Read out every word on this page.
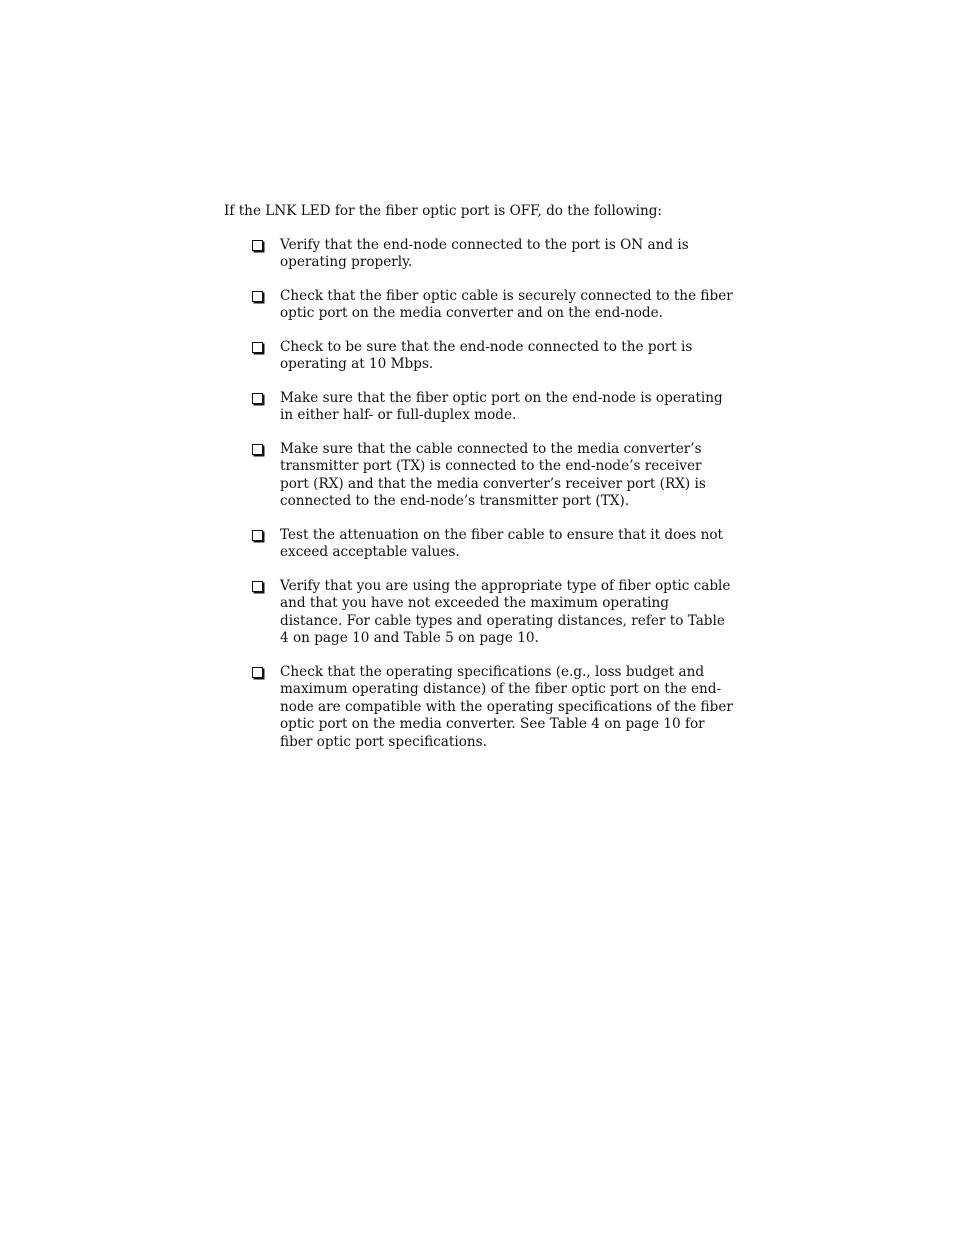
If the LNK LED for the fiber optic port is OFF, do the following:

Verify that the end-node connected to the port is ON and is operating properly.
Check that the fiber optic cable is securely connected to the fiber optic port on the media converter and on the end-node.
Check to be sure that the end-node connected to the port is operating at 10 Mbps.
Make sure that the fiber optic port on the end-node is operating in either half- or full-duplex mode.
Make sure that the cable connected to the media converter’s transmitter port (TX) is connected to the end-node’s receiver port (RX) and that the media converter’s receiver port (RX) is connected to the end-node’s transmitter port (TX).
Test the attenuation on the fiber cable to ensure that it does not exceed acceptable values.
Verify that you are using the appropriate type of fiber optic cable and that you have not exceeded the maximum operating distance. For cable types and operating distances, refer to Table 4 on page 10 and Table 5 on page 10.
Check that the operating specifications (e.g., loss budget and maximum operating distance) of the fiber optic port on the end-node are compatible with the operating specifications of the fiber optic port on the media converter. See Table 4 on page 10 for fiber optic port specifications.
